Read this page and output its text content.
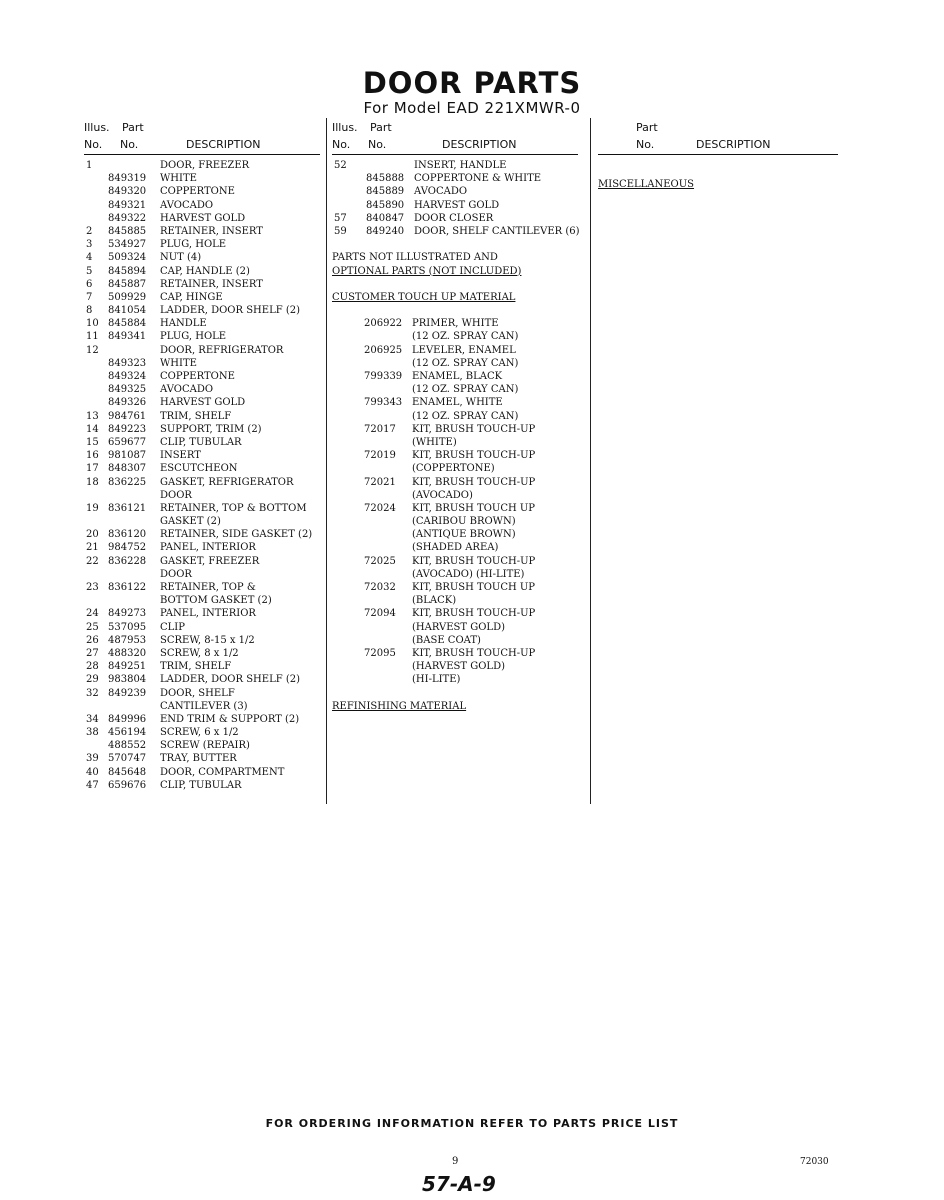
DOOR PARTS
For Model EAD 221XMWR-0
Illus. Part
No. No.	DESCRIPTION
1	DOOR, FREEZER
849319 WHITE
849320 COPPERTONE
849321 AVOCADO
849322 HARVEST GOLD
2 845885 RETAINER, INSERT
3 534927 PLUG, HOLE
4 509324 NUT (4)
5 845894 CAP, HANDLE (2)
6 845887 RETAINER, INSERT
7 509929 CAP, HINGE
8 841054 LADDER, DOOR SHELF (2)
10 845884 HANDLE
11 849341 PLUG, HOLE
12	DOOR, REFRIGERATOR
849323 WHITE
849324 COPPERTONE
849325 AVOCADO
849326 HARVEST GOLD
13 984761 TRIM, SHELF
14 849223 SUPPORT, TRIM (2)
15 659677 CLIP, TUBULAR
16 981087 INSERT
17 848307 ESCUTCHEON
18 836225 GASKET, REFRIGERATOR
DOOR
19 836121 RETAINER, TOP & BOTTOM
GASKET (2)
20 836120 RETAINER, SIDE GASKET (2)
21 984752 PANEL, INTERIOR
22 836228 GASKET, FREEZER
DOOR
23 836122 RETAINER, TOP &
BOTTOM GASKET (2)
24 849273 PANEL, INTERIOR
25 537095 CLIP
26 487953 SCREW, 8-15 x 1/2
27 488320 SCREW, 8 x 1/2
28 849251 TRIM, SHELF
29 983804 LADDER, DOOR SHELF (2)
32 849239 DOOR, SHELF
CANTILEVER (3)
34 849996 END TRIM & SUPPORT (2)
38 456194 SCREW, 6 x 1/2
488552 SCREW (REPAIR)
39 570747 TRAY, BUTTER
40 845648 DOOR, COMPARTMENT
47 659676 CLIP, TUBULAR
Illus. Part
No. No.	DESCRIPTION
52	INSERT, HANDLE
845888 COPPERTONE & WHITE
845889 AVOCADO
845890 HARVEST GOLD
57 840847 DOOR CLOSER
59 849240 DOOR, SHELF CANTILEVER (6)
PARTS NOT ILLUSTRATED AND
OPTIONAL PARTS (NOT INCLUDED)
CUSTOMER TOUCH UP MATERIAL
206922 PRIMER, WHITE
(12 OZ. SPRAY CAN)
206925 LEVELER, ENAMEL
(12 OZ. SPRAY CAN)
799339 ENAMEL, BLACK
(12 OZ. SPRAY CAN)
799343 ENAMEL, WHITE
(12 OZ. SPRAY CAN)
72017 KIT, BRUSH TOUCH-UP
(WHITE)
72019 KIT, BRUSH TOUCH-UP
(COPPERTONE)
72021 KIT, BRUSH TOUCH-UP
(AVOCADO)
72024 KIT, BRUSH TOUCH UP
(CARIBOU BROWN)
(ANTIQUE BROWN)
(SHADED AREA)
72025 KIT, BRUSH TOUCH-UP
(AVOCADO) (HI-LITE)
72032 KIT, BRUSH TOUCH UP
(BLACK)
72094 KIT, BRUSH TOUCH-UP
(HARVEST GOLD)
(BASE COAT)
72095 KIT, BRUSH TOUCH-UP
(HARVEST GOLD)
(HI-LITE)
REFINISHING MATERIAL
Part
No.	DESCRIPTION
MISCELLANEOUS
FOR ORDERING INFORMATION REFER TO PARTS PRICE LIST
9	72030
57-A-9
